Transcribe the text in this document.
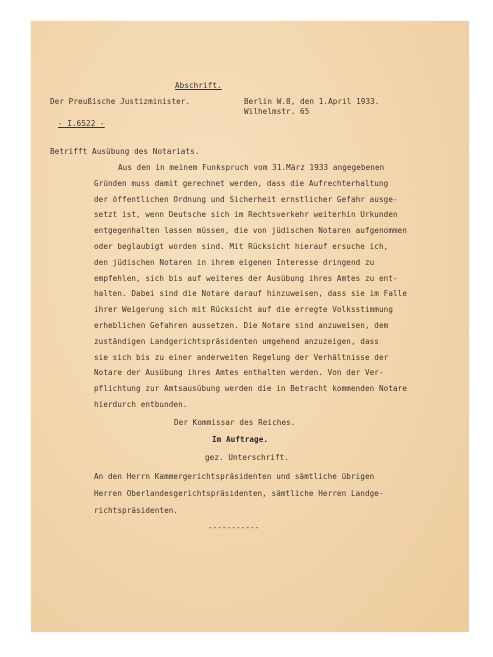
Abschrift.
Der Preußische Justizminister.	Berlin W.8, den 1.April 1933.
Wilhelmstr. 65
- I.6522 -
Betrifft Ausübung des Notariats.
Aus den in meinem Funkspruch vom 31.März 1933 angegebenen
Gründen muss damit gerechnet werden, dass die Aufrechterhaltung
der öffentlichen Ordnung und Sicherheit ernstlicher Gefahr ausge-
setzt ist, wenn Deutsche sich im Rechtsverkehr weiterhin Urkunden
entgegenhalten lassen müssen, die von jüdischen Notaren aufgenommen
oder beglaubigt worden sind. Mit Rücksicht hierauf ersuche ich,
den jüdischen Notaren in ihrem eigenen Interesse dringend zu
empfehlen, sich bis auf weiteres der Ausübung ihres Amtes zu ent-
halten. Dabei sind die Notare darauf hinzuweisen, dass sie im Falle
ihrer Weigerung sich mit Rücksicht auf die erregte Volksstimmung
erheblichen Gefahren aussetzen. Die Notare sind anzuweisen, dem
zuständigen Landgerichtspräsidenten umgehend anzuzeigen, dass
sie sich bis zu einer anderweiten Regelung der Verhältnisse der
Notare der Ausübung ihres Amtes enthalten werden. Von der Ver-
pflichtung zur Amtsausübung werden die in Betracht kommenden Notare
hierdurch entbunden.
Der Kommissar des Reiches.
Im Auftrage.
gez. Unterschrift.
An den Herrn Kammergerichtspräsidenten und sämtliche übrigen
Herren Oberlandesgerichtspräsidenten, sämtliche Herren Landge-
richtspräsidenten.
-----------
